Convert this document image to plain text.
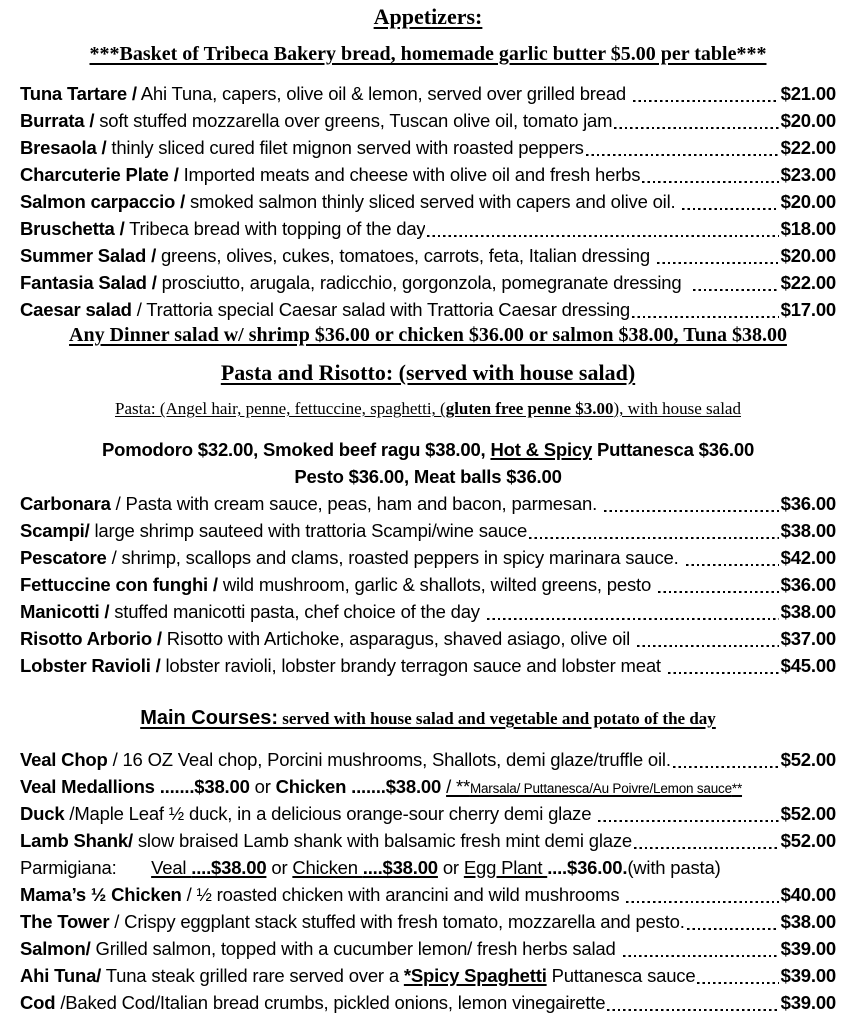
Appetizers:
***Basket of Tribeca Bakery bread, homemade garlic butter $5.00 per table***
Tuna Tartare / Ahi Tuna, capers, olive oil & lemon, served over grilled bread	$21.00
Burrata / soft stuffed mozzarella over greens, Tuscan olive oil, tomato jam	$20.00
Bresaola / thinly sliced cured filet mignon served with roasted peppers	$22.00
Charcuterie Plate / Imported meats and cheese with olive oil and fresh herbs	$23.00
Salmon carpaccio / smoked salmon thinly sliced served with capers and olive oil.	$20.00
Bruschetta / Tribeca bread with topping of the day	$18.00
Summer Salad / greens, olives, cukes, tomatoes, carrots, feta, Italian dressing	$20.00
Fantasia Salad / prosciutto, arugala, radicchio, gorgonzola, pomegranate dressing	$22.00
Caesar salad / Trattoria special Caesar salad with Trattoria Caesar dressing	$17.00
Any Dinner salad w/ shrimp $36.00 or chicken $36.00 or salmon $38.00, Tuna $38.00
Pasta and Risotto: (served with house salad)
Pasta: (Angel hair, penne, fettuccine, spaghetti, (gluten free penne $3.00), with house salad
Pomodoro $32.00, Smoked beef ragu $38.00, Hot & Spicy Puttanesca $36.00
Pesto $36.00, Meat balls $36.00
Carbonara / Pasta with cream sauce, peas, ham and bacon, parmesan.	$36.00
Scampi/ large shrimp sauteed with trattoria Scampi/wine sauce	$38.00
Pescatore / shrimp, scallops and clams, roasted peppers in spicy marinara sauce.	$42.00
Fettuccine con funghi / wild mushroom, garlic & shallots, wilted greens, pesto	$36.00
Manicotti / stuffed manicotti pasta, chef choice of the day	$38.00
Risotto Arborio / Risotto with Artichoke, asparagus, shaved asiago, olive oil	$37.00
Lobster Ravioli / lobster ravioli, lobster brandy terragon sauce and lobster meat	$45.00
Main Courses: served with house salad and vegetable and potato of the day
Veal Chop / 16 OZ Veal chop, Porcini mushrooms, Shallots, demi glaze/truffle oil.	$52.00
Veal Medallions .......$38.00 or Chicken .......$38.00 / **Marsala/ Puttanesca/Au Poivre/Lemon sauce**
Duck /Maple Leaf ½ duck, in a delicious orange-sour cherry demi glaze	$52.00
Lamb Shank/ slow braised Lamb shank with balsamic fresh mint demi glaze	$52.00
Parmigiana: Veal ....$38.00 or Chicken ....$38.00 or Egg Plant ....$36.00.(with pasta)
Mama’s ½ Chicken / ½ roasted chicken with arancini and wild mushrooms	$40.00
The Tower / Crispy eggplant stack stuffed with fresh tomato, mozzarella and pesto.	$38.00
Salmon/ Grilled salmon, topped with a cucumber lemon/ fresh herbs salad	$39.00
Ahi Tuna/ Tuna steak grilled rare served over a *Spicy Spaghetti Puttanesca sauce	$39.00
Cod /Baked Cod/Italian bread crumbs, pickled onions, lemon vinegairette	$39.00
